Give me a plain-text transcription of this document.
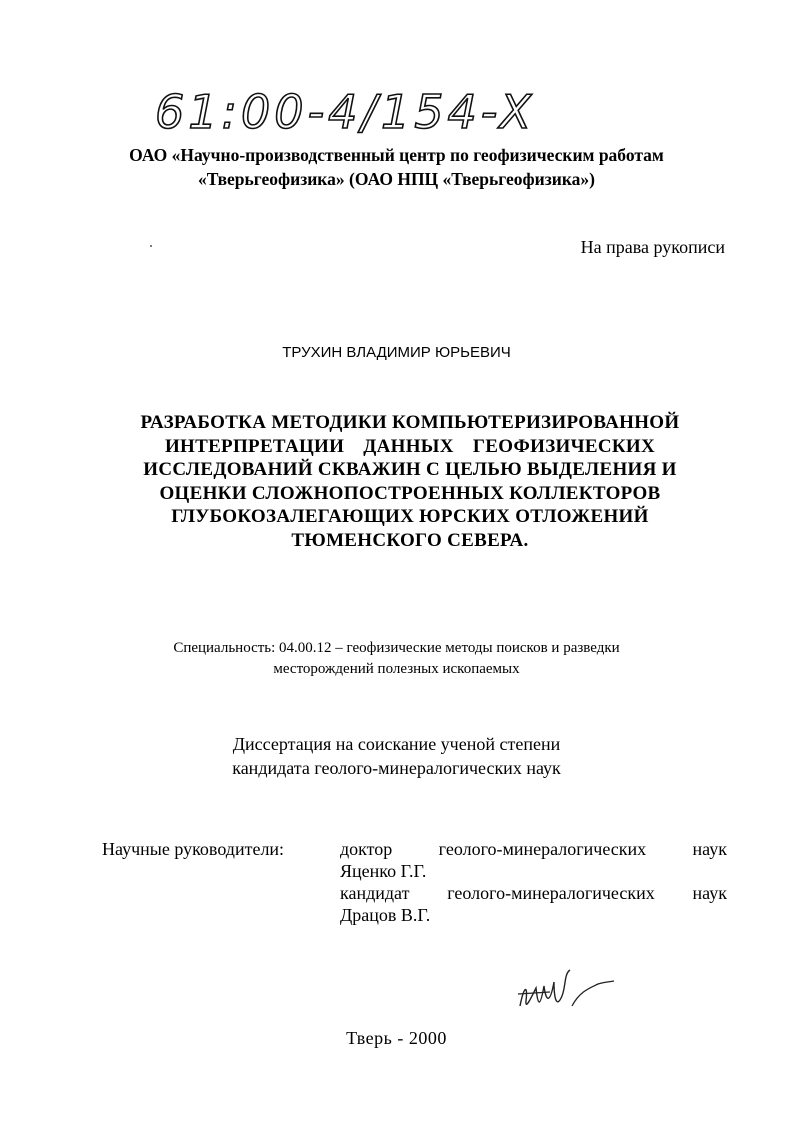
61:00-4/154-X
ОАО «Научно-производственный центр по геофизическим работам
«Тверьгеофизика» (ОАО НПЦ «Тверьгеофизика»)
На права рукописи
ТРУХИН ВЛАДИМИР ЮРЬЕВИЧ
РАЗРАБОТКА МЕТОДИКИ КОМПЬЮТЕРИЗИРОВАННОЙ
ИНТЕРПРЕТАЦИИ ДАННЫХ ГЕОФИЗИЧЕСКИХ
ИССЛЕДОВАНИЙ СКВАЖИН С ЦЕЛЬЮ ВЫДЕЛЕНИЯ И
ОЦЕНКИ СЛОЖНОПОСТРОЕННЫХ КОЛЛЕКТОРОВ
ГЛУБОКОЗАЛЕГАЮЩИХ ЮРСКИХ ОТЛОЖЕНИЙ
ТЮМЕНСКОГО СЕВЕРА.
Специальность: 04.00.12 – геофизические методы поисков и разведки
месторождений полезных ископаемых
Диссертация на соискание ученой степени
кандидата геолого-минералогических наук
Научные руководители:	доктор геолого-минералогических наук
Яценко Г.Г.
кандидат геолого-минералогических наук
Драцов В.Г.
Тверь - 2000
